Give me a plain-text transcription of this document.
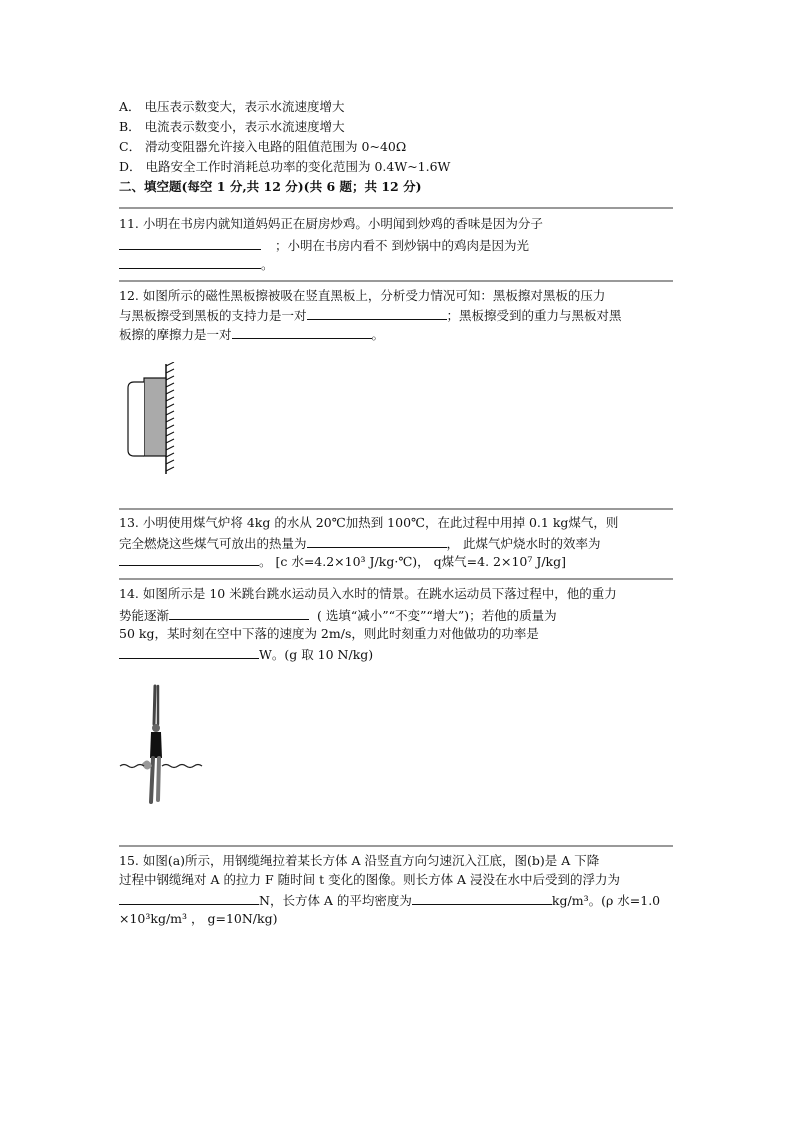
A． 电压表示数变大，表示水流速度增大
B． 电流表示数变小，表示水流速度增大
C． 滑动变阻器允许接入电路的阻值范围为 0~40Ω
D． 电路安全工作时消耗总功率的变化范围为 0.4W~1.6W
二、填空题(每空 1 分,共 12 分)(共 6 题；共 12 分)
11. 小明在书房内就知道妈妈正在厨房炒鸡。小明闻到炒鸡的香味是因为分子
；小明在书房内看不 到炒锅中的鸡肉是因为光
。
12. 如图所示的磁性黑板擦被吸在竖直黑板上，分析受力情况可知：黑板擦对黑板的压力
与黑板擦受到黑板的支持力是一对	；黑板擦受到的重力与黑板对黑
板擦的摩擦力是一对	。
13. 小明使用煤气炉将 4kg 的水从 20℃加热到 100℃，在此过程中用掉 0.1 kg煤气，则
完全燃烧这些煤气可放出的热量为	， 此煤气炉烧水时的效率为
。 [c 水=4.2×10³ J/kg·℃)， q煤气=4. 2×10⁷ J/kg]
14. 如图所示是 10 米跳台跳水运动员入水时的情景。在跳水运动员下落过程中，他的重力
势能逐渐	( 选填“减小”“不变”“增大”)；若他的质量为
50 kg，某时刻在空中下落的速度为 2m/s，则此时刻重力对他做功的功率是
W。(g 取 10 N/kg)
15. 如图(a)所示，用钢缆绳拉着某长方体 A 沿竖直方向匀速沉入江底，图(b)是 A 下降
过程中钢缆绳对 A 的拉力 F 随时间 t 变化的图像。则长方体 A 浸没在水中后受到的浮力为
N，长方体 A 的平均密度为	kg/m³。(ρ 水=1.0
×10³kg/m³ ， g=10N/kg)
